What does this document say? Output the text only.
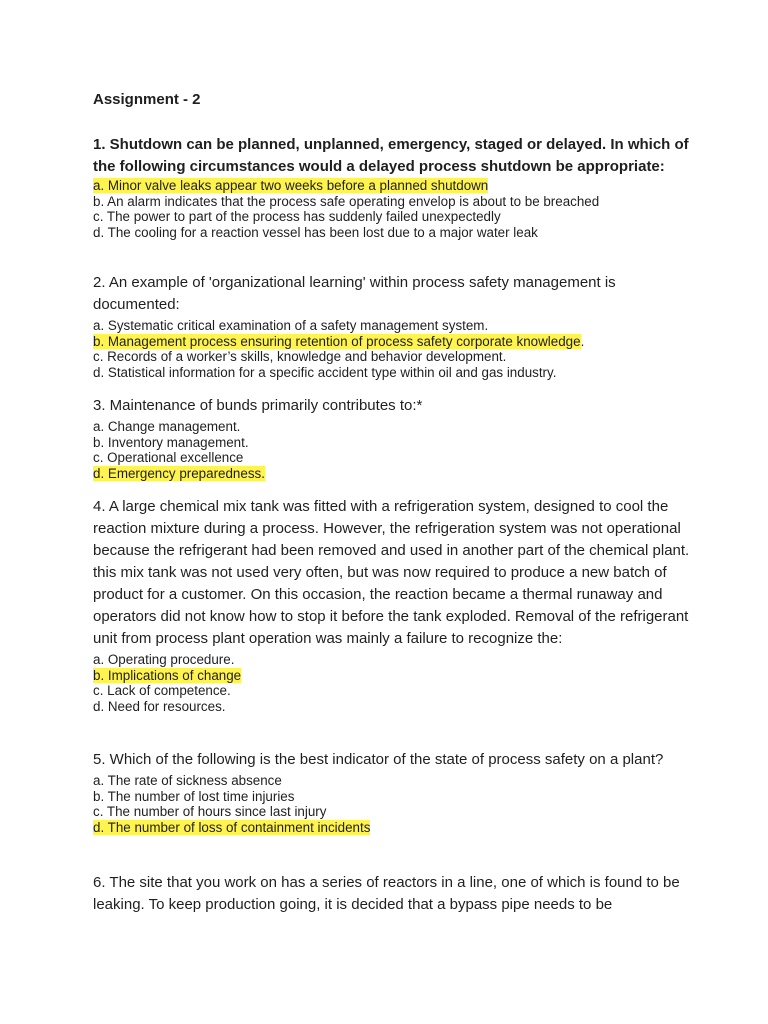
Assignment - 2

1. Shutdown can be planned, unplanned, emergency, staged or delayed. In which of the following circumstances would a delayed process shutdown be appropriate:

a. Minor valve leaks appear two weeks before a planned shutdown
b. An alarm indicates that the process safe operating envelop is about to be breached
c. The power to part of the process has suddenly failed unexpectedly
d. The cooling for a reaction vessel has been lost due to a major water leak

2. An example of 'organizational learning' within process safety management is documented:

a. Systematic critical examination of a safety management system.
b. Management process ensuring retention of process safety corporate knowledge.
c. Records of a worker’s skills, knowledge and behavior development.
d. Statistical information for a specific accident type within oil and gas industry.

3. Maintenance of bunds primarily contributes to:*

a. Change management.
b. Inventory management.
c. Operational excellence
d. Emergency preparedness.

4. A large chemical mix tank was fitted with a refrigeration system, designed to cool the reaction mixture during a process. However, the refrigeration system was not operational because the refrigerant had been removed and used in another part of the chemical plant. this mix tank was not used very often, but was now required to produce a new batch of product for a customer. On this occasion, the reaction became a thermal runaway and operators did not know how to stop it before the tank exploded. Removal of the refrigerant unit from process plant operation was mainly a failure to recognize the:

a. Operating procedure.
b. Implications of change
c. Lack of competence.
d. Need for resources.

5. Which of the following is the best indicator of the state of process safety on a plant?

a. The rate of sickness absence
b. The number of lost time injuries
c. The number of hours since last injury
d. The number of loss of containment incidents

6. The site that you work on has a series of reactors in a line, one of which is found to be leaking. To keep production going, it is decided that a bypass pipe needs to be
